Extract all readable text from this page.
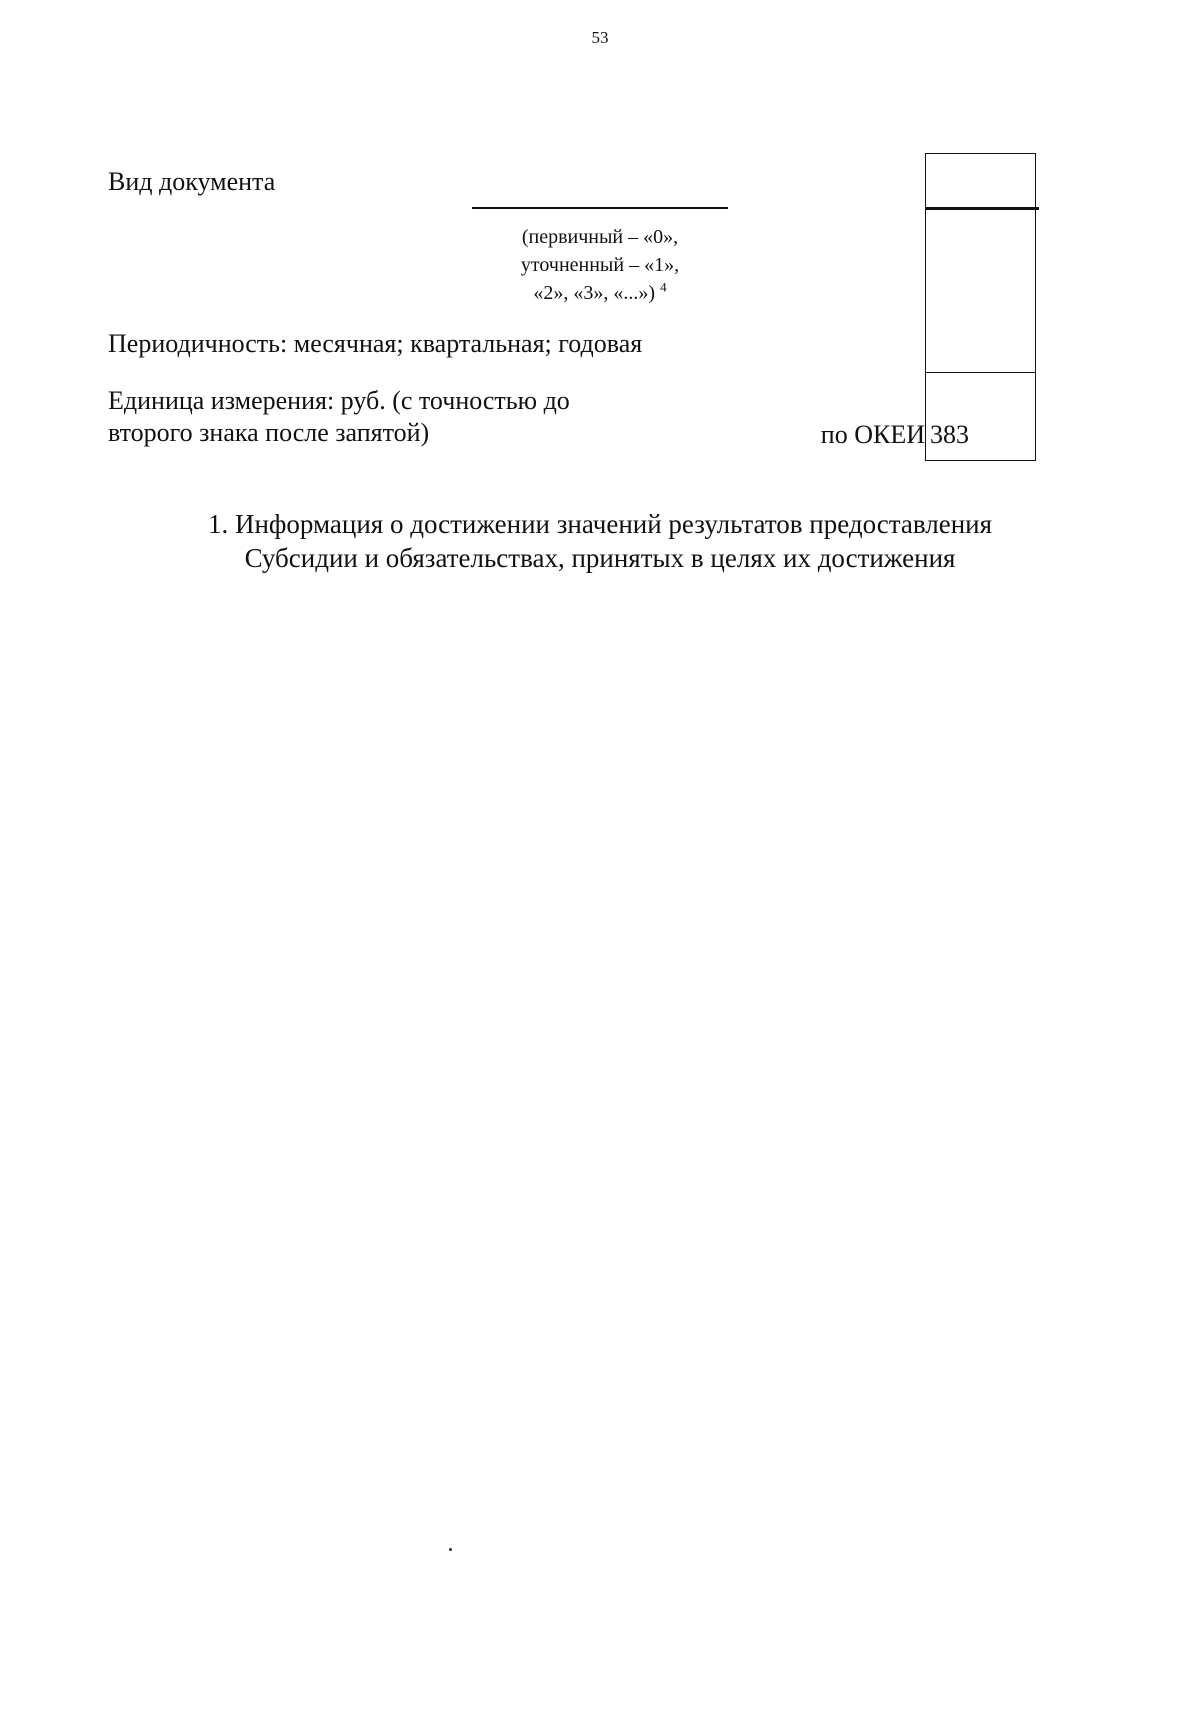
53
Вид документа
(первичный – «0»,
уточненный – «1»,
«2», «3», «...») $^4$
Периодичность: месячная; квартальная; годовая
Единица измерения: руб. (с точностью до
второго знака после запятой)	по ОКЕИ 383
1. Информация о достижении значений результатов предоставления
Субсидии и обязательствах, принятых в целях их достижения
